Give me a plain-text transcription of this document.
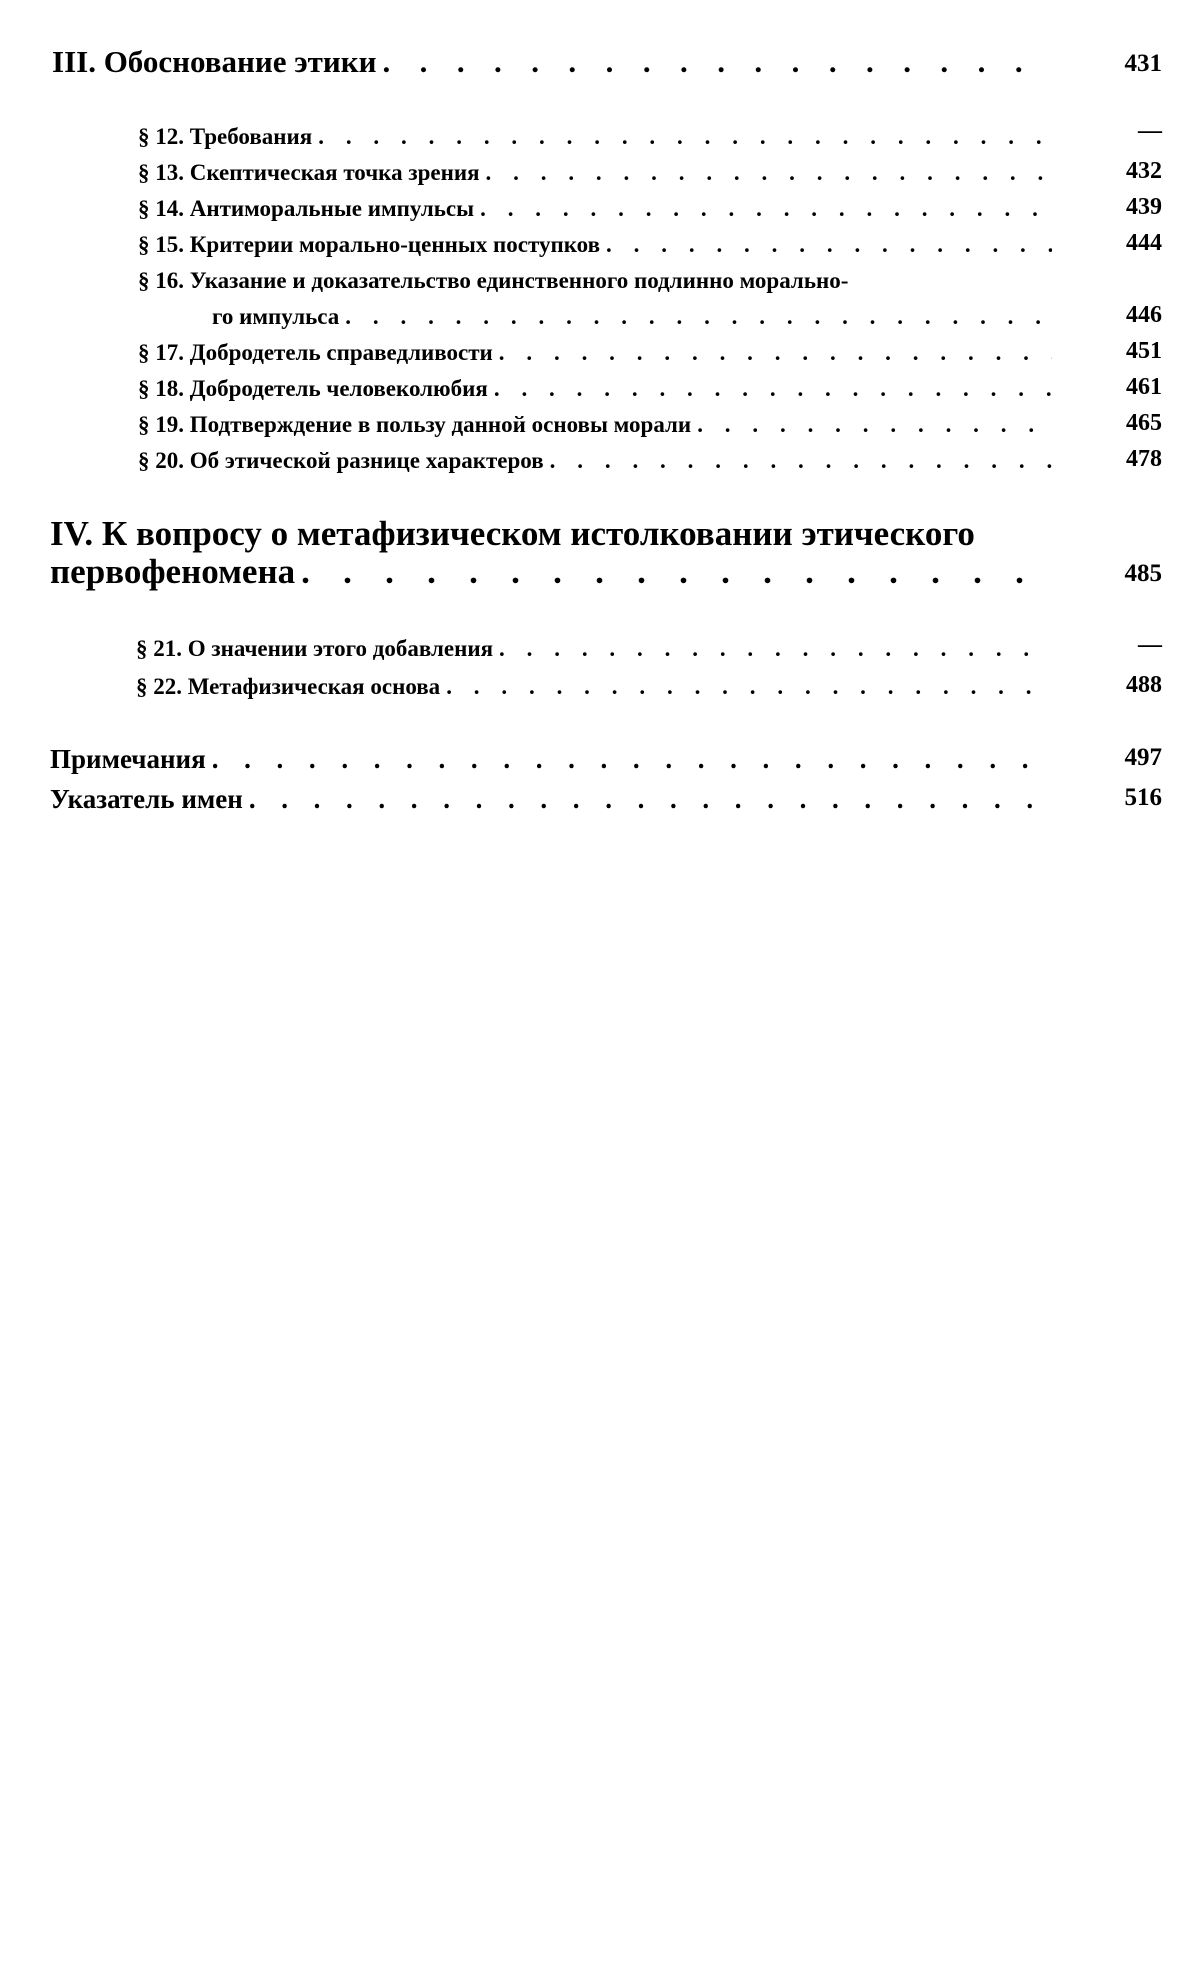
III. Обоснование этики . . .	431
§ 12. Требования . . .	—
§ 13. Скептическая точка зрения . . .	432
§ 14. Антиморальные импульсы . . .	439
§ 15. Критерии морально-ценных поступков . . .	444
§ 16. Указание и доказательство единственного подлинно морально-
го импульса . . .	446
§ 17. Добродетель справедливости . . .	451
§ 18. Добродетель человеколюбия . . .	461
§ 19. Подтверждение в пользу данной основы морали . . .	465
§ 20. Об этической разнице характеров . . .	478
IV. К вопросу о метафизическом истолковании этического
первофеномена . . .	485
§ 21. О значении этого добавления . . .	—
§ 22. Метафизическая основа . . .	488
Примечания . . .	497
Указатель имен . . .	516
